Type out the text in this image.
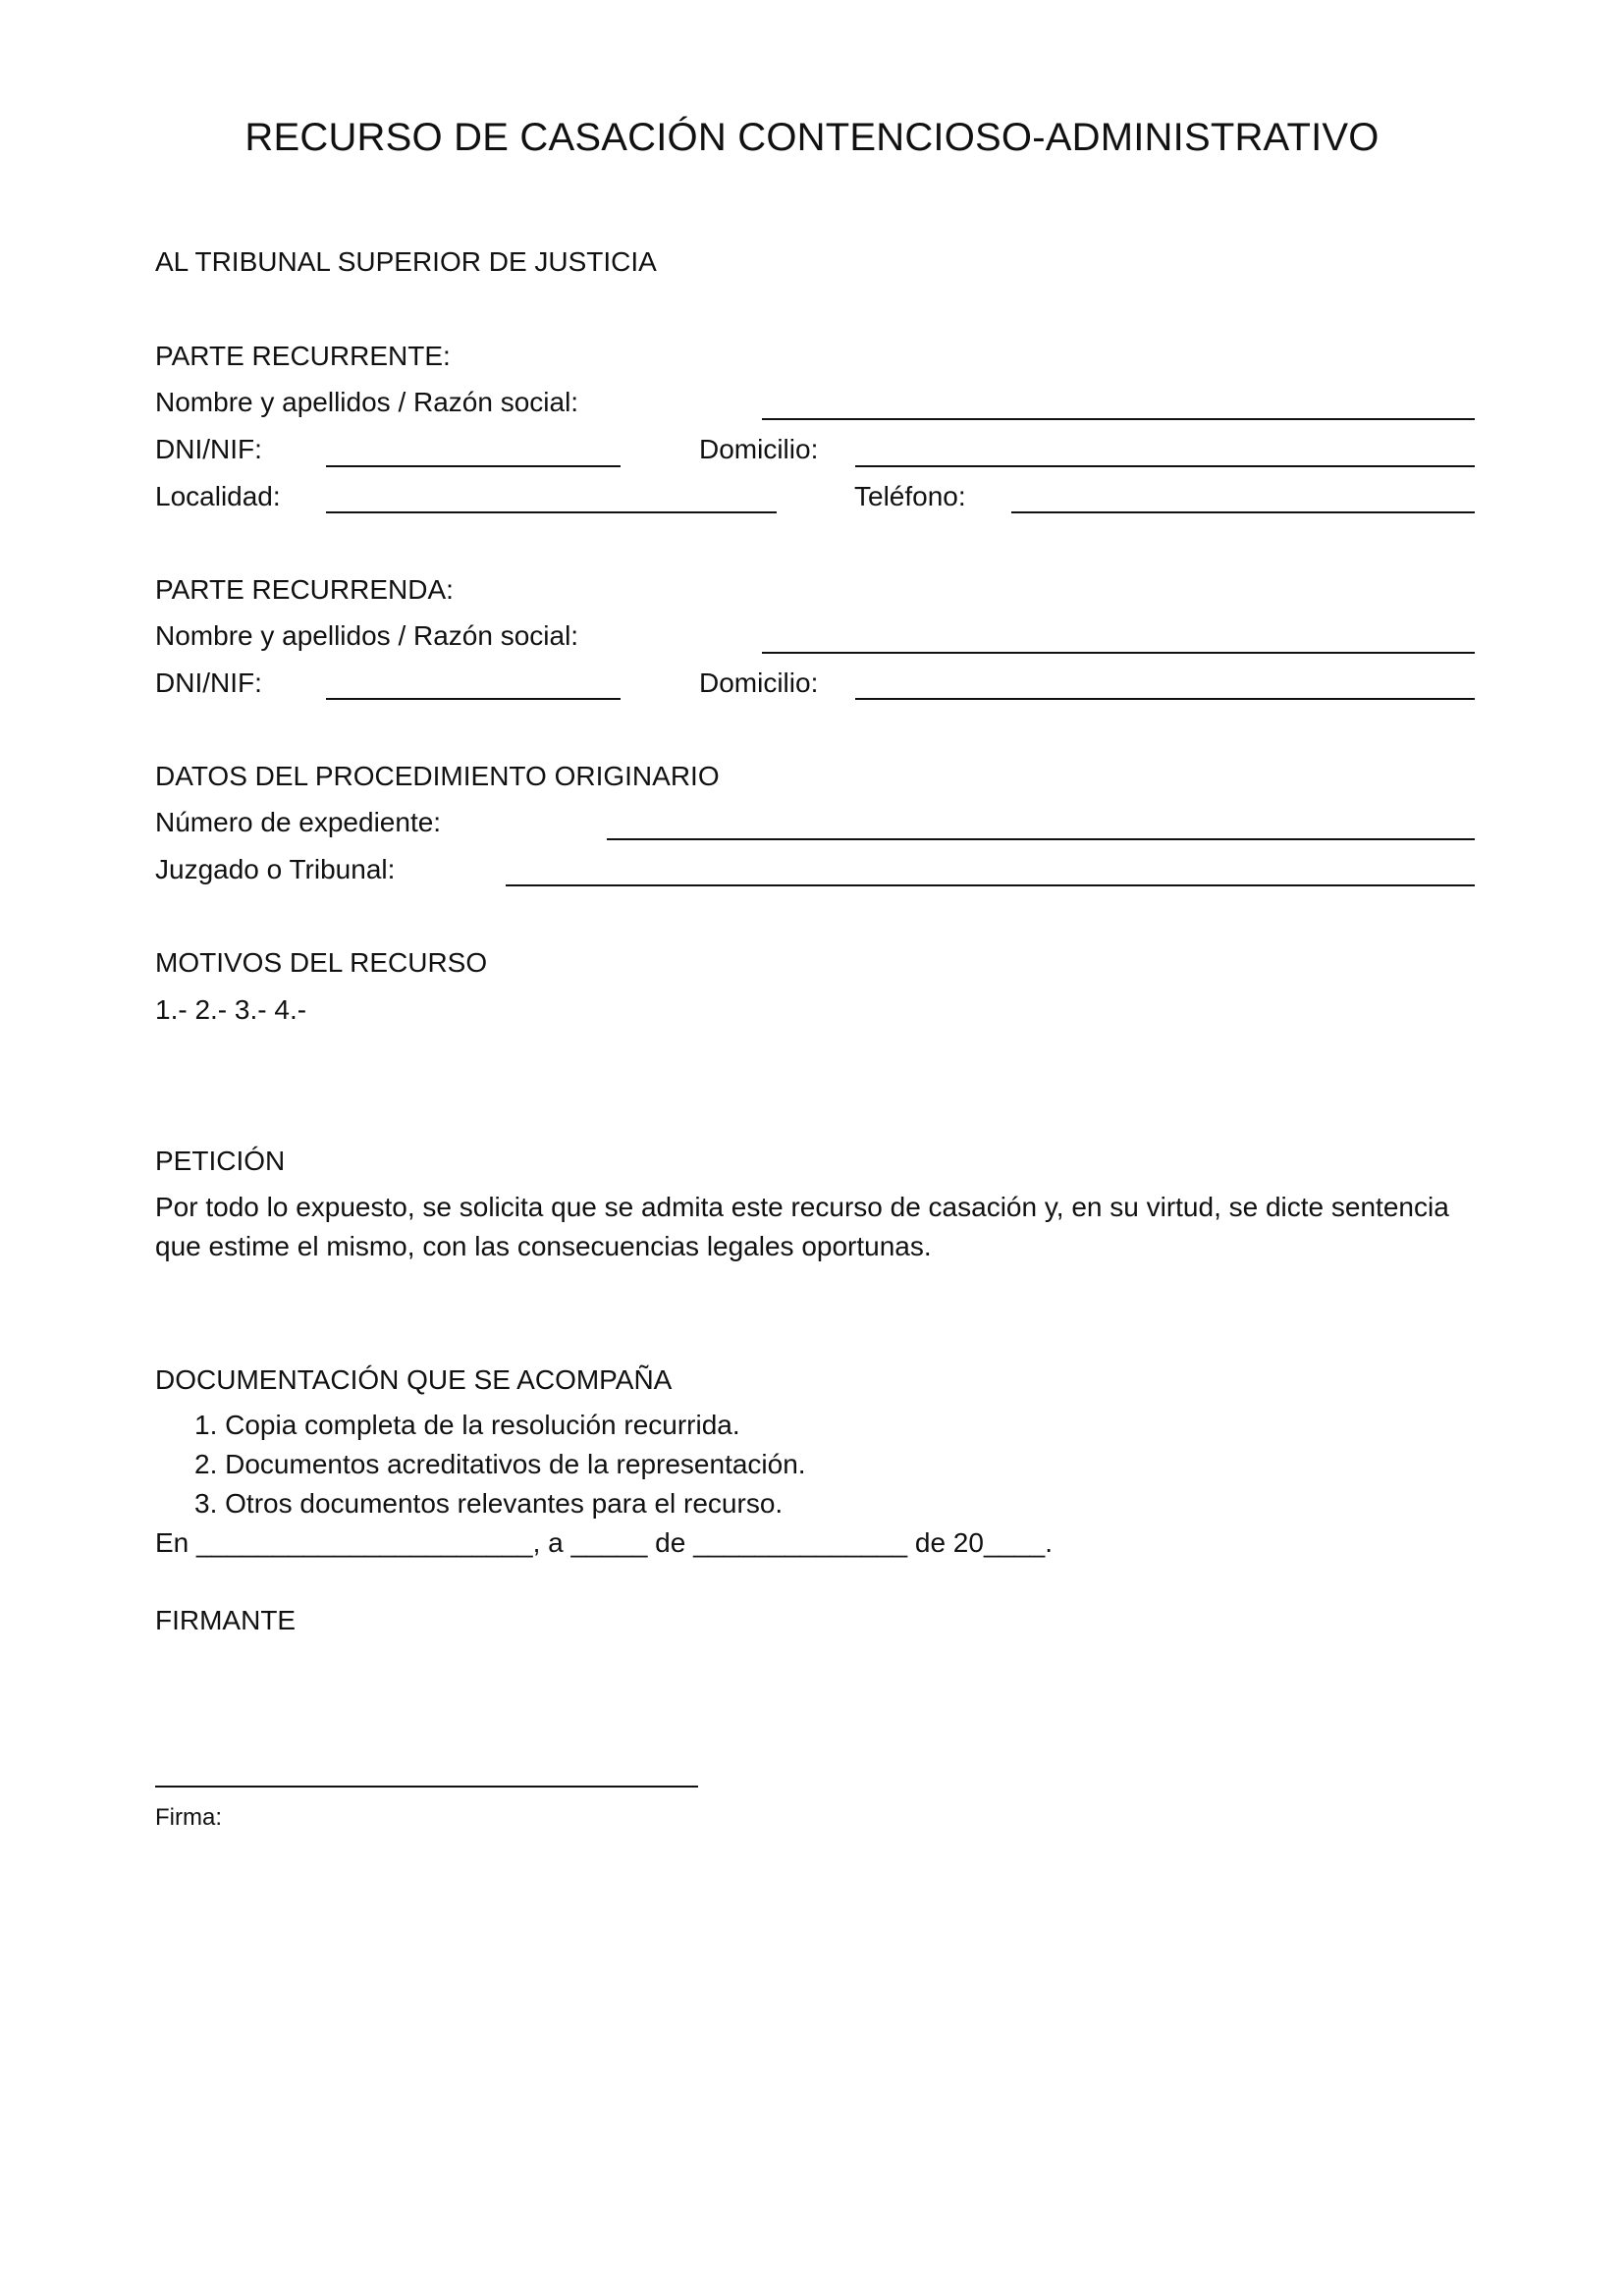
RECURSO DE CASACIÓN CONTENCIOSO-ADMINISTRATIVO
AL TRIBUNAL SUPERIOR DE JUSTICIA
PARTE RECURRENTE:
Nombre y apellidos / Razón social:
DNI/NIF:	Domicilio:
Localidad:	Teléfono:
PARTE RECURRENDA:
Nombre y apellidos / Razón social:
DNI/NIF:	Domicilio:
DATOS DEL PROCEDIMIENTO ORIGINARIO
Número de expediente:
Juzgado o Tribunal:
MOTIVOS DEL RECURSO
1.- 2.- 3.- 4.-
PETICIÓN
Por todo lo expuesto, se solicita que se admita este recurso de casación y, en su virtud, se dicte sentencia que estime el mismo, con las consecuencias legales oportunas.
DOCUMENTACIÓN QUE SE ACOMPAÑA
1. Copia completa de la resolución recurrida.
2. Documentos acreditativos de la representación.
3. Otros documentos relevantes para el recurso.
En ______________________, a _____ de ______________ de 20____.
FIRMANTE
Firma:
